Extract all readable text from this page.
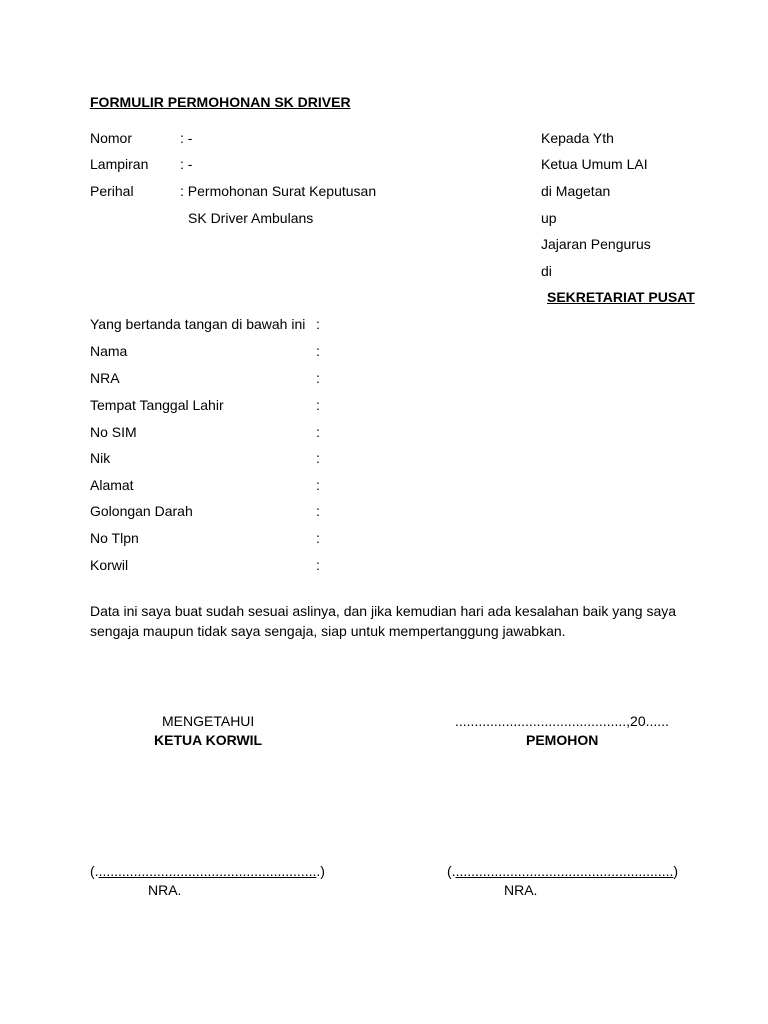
FORMULIR PERMOHONAN SK DRIVER
Nomor	: -
Lampiran : -
Perihal	: Permohonan Surat Keputusan
SK Driver Ambulans
Kepada Yth
Ketua Umum LAI
di Magetan
up
Jajaran Pengurus
di
SEKRETARIAT PUSAT
Yang bertanda tangan di bawah ini :
Nama	:
NRA	:
Tempat Tanggal Lahir	:
No SIM	:
Nik	:
Alamat	:
Golongan Darah	:
No Tlpn	:
Korwil	:
Data ini saya buat sudah sesuai aslinya, dan jika kemudian hari ada kesalahan baik yang saya
sengaja maupun tidak saya sengaja, siap untuk mempertanggung jawabkan.
MENGETAHUI
KETUA KORWIL
(..........................................................)
NRA.
............................................,20......
PEMOHON
(.........................................................)
NRA.
